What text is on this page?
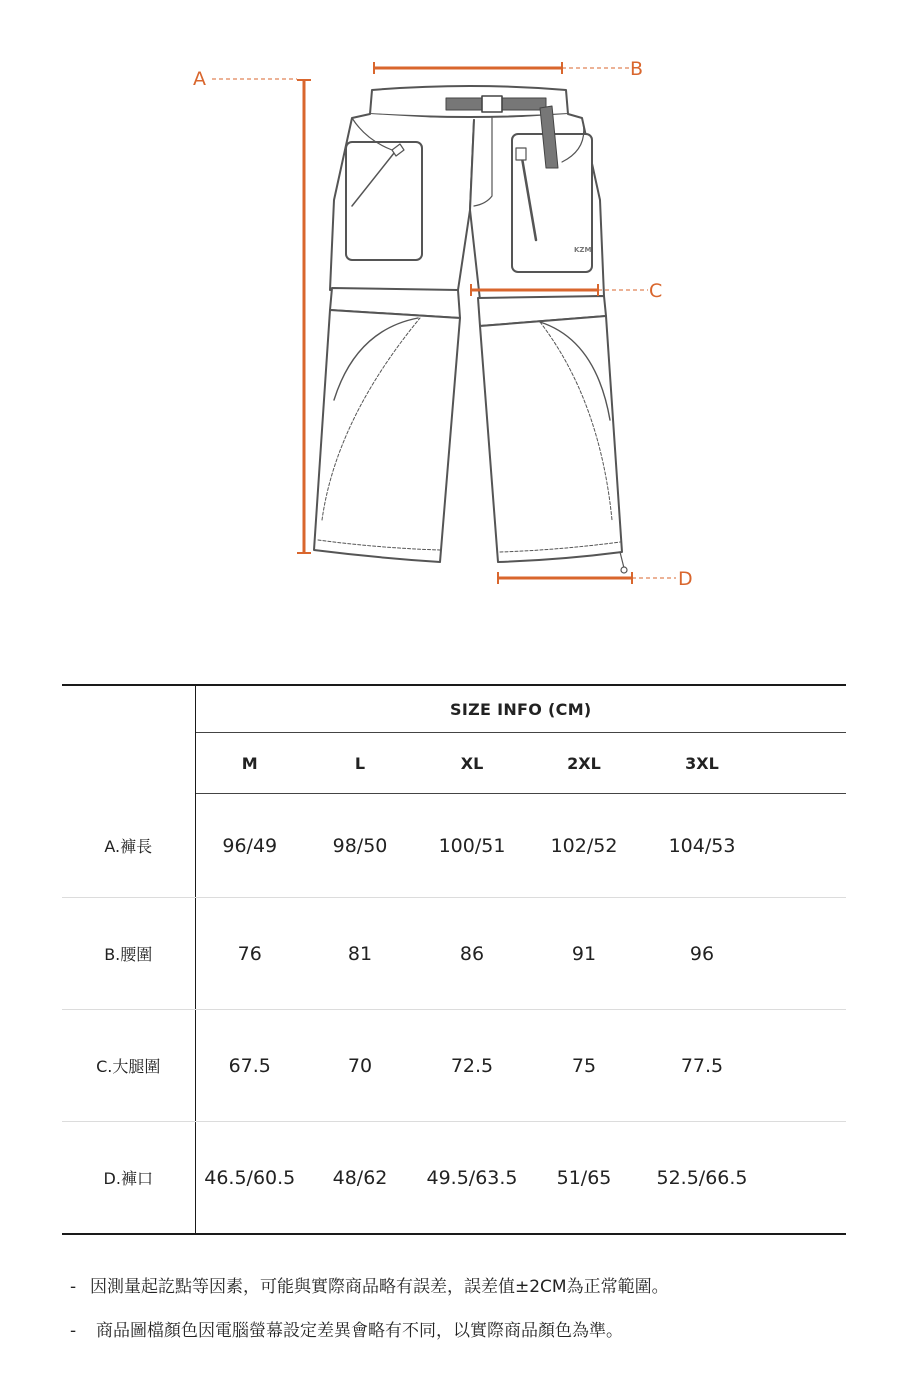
KZM
A	B
C
D
	SIZE INFO (CM)					
	M	L	XL	2XL	3XL	
A.褲長	96/49	98/50	100/51	102/52	104/53	
B.腰圍	76	81	86	91	96	
C.大腿圍	67.5	70	72.5	75	77.5	
D.褲口	46.5/60.5	48/62	49.5/63.5	51/65	52.5/66.5	
- 因測量起訖點等因素，可能與實際商品略有誤差，誤差值±2CM為正常範圍。
- 商品圖檔顏色因電腦螢幕設定差異會略有不同，以實際商品顏色為準。
